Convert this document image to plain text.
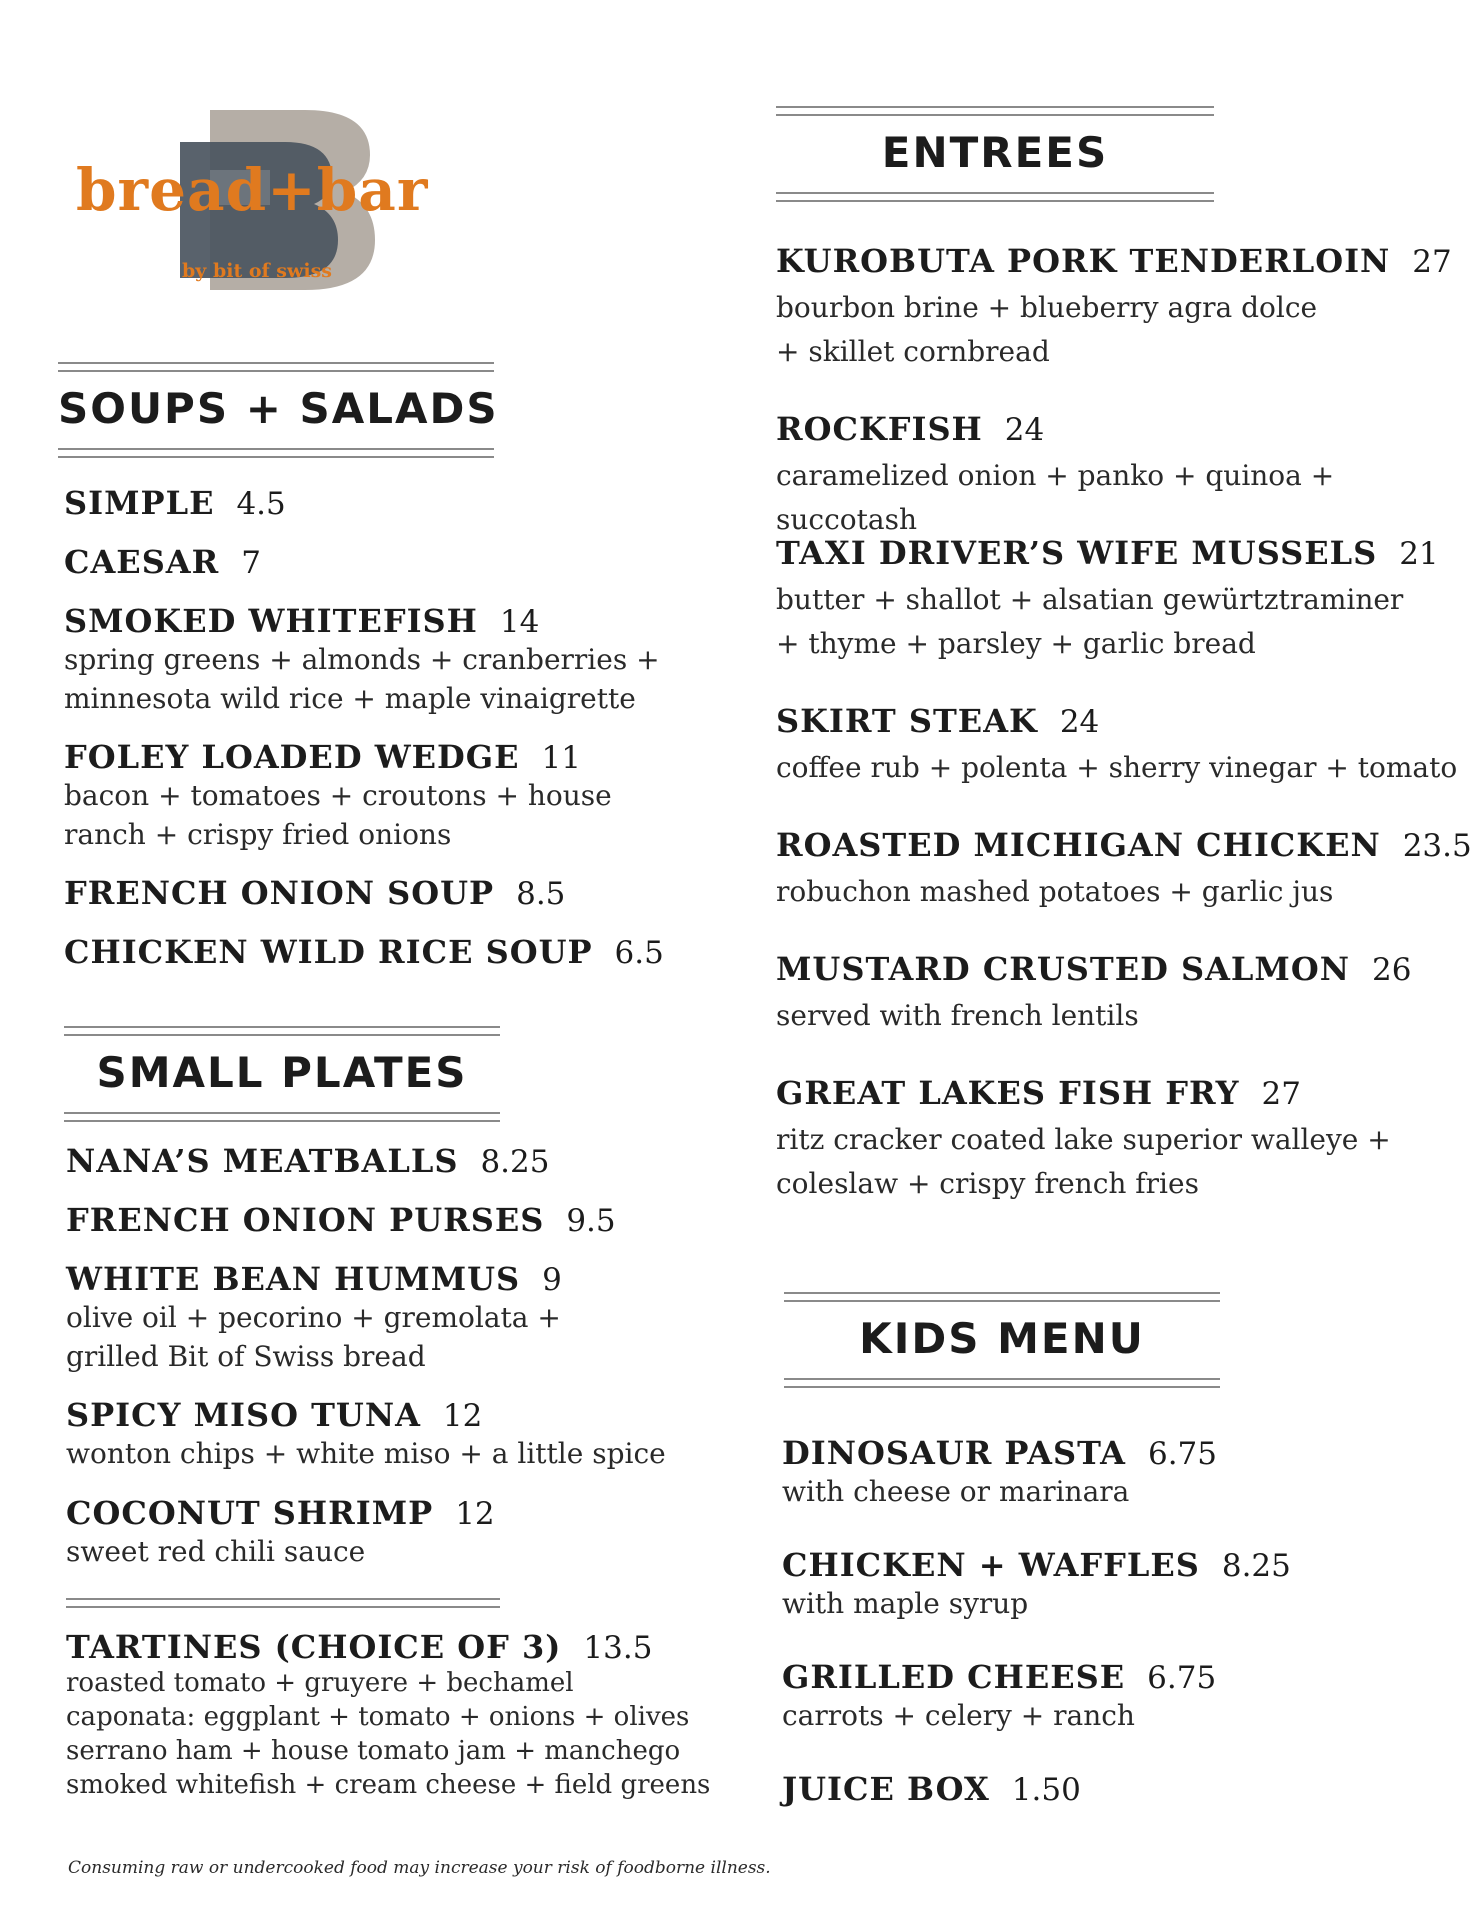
bread+bar
by bit of swiss
SOUPS + SALADS
SIMPLE 4.5
CAESAR 7
SMOKED WHITEFISH 14
spring greens + almonds + cranberries +
minnesota wild rice + maple vinaigrette
FOLEY LOADED WEDGE 11
bacon + tomatoes + croutons + house
ranch + crispy fried onions
FRENCH ONION SOUP 8.5
CHICKEN WILD RICE SOUP 6.5
SMALL PLATES
NANA’S MEATBALLS 8.25
FRENCH ONION PURSES 9.5
WHITE BEAN HUMMUS 9
olive oil + pecorino + gremolata +
grilled Bit of Swiss bread
SPICY MISO TUNA 12
wonton chips + white miso + a little spice
COCONUT SHRIMP 12
sweet red chili sauce
TARTINES (CHOICE OF 3) 13.5
roasted tomato + gruyere + bechamel
caponata: eggplant + tomato + onions + olives
serrano ham + house tomato jam + manchego
smoked whitefish + cream cheese + field greens
ENTREES
KUROBUTA PORK TENDERLOIN 27
bourbon brine + blueberry agra dolce
+ skillet cornbread
ROCKFISH 24
caramelized onion + panko + quinoa + succotash
TAXI DRIVER’S WIFE MUSSELS 21
butter + shallot + alsatian gewürtztraminer
+ thyme + parsley + garlic bread
SKIRT STEAK 24
coffee rub + polenta + sherry vinegar + tomato
ROASTED MICHIGAN CHICKEN 23.5
robuchon mashed potatoes + garlic jus
MUSTARD CRUSTED SALMON 26
served with french lentils
GREAT LAKES FISH FRY 27
ritz cracker coated lake superior walleye +
coleslaw + crispy french fries
KIDS MENU
DINOSAUR PASTA 6.75
with cheese or marinara
CHICKEN + WAFFLES 8.25
with maple syrup
GRILLED CHEESE 6.75
carrots + celery + ranch
JUICE BOX 1.50
Consuming raw or undercooked food may increase your risk of foodborne illness.
